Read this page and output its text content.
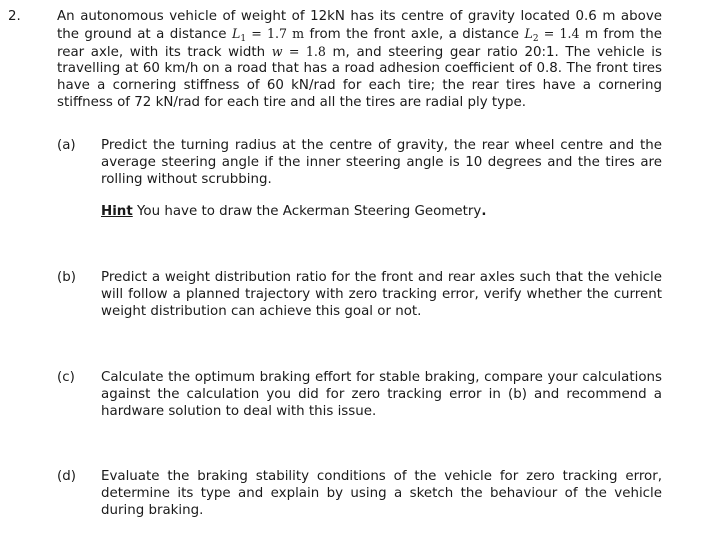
2.	An autonomous vehicle of weight of 12kN has its centre of gravity located 0.6 m above the ground at a distance $L_1 = 1.7$ m from the front axle, a distance $L_2 = 1.4$ m from the rear axle, with its track width w = 1.8 m, and steering gear ratio 20:1. The vehicle is travelling at 60 km/h on a road that has a road adhesion coefficient of 0.8. The front tires have a cornering stiffness of 60 kN/rad for each tire; the rear tires have a cornering stiffness of 72 kN/rad for each tire and all the tires are radial ply type.
(a) Predict the turning radius at the centre of gravity, the rear wheel centre and the average steering angle if the inner steering angle is 10 degrees and the tires are rolling without scrubbing.
Hint You have to draw the Ackerman Steering Geometry.
(b) Predict a weight distribution ratio for the front and rear axles such that the vehicle will follow a planned trajectory with zero tracking error, verify whether the current weight distribution can achieve this goal or not.
(c) Calculate the optimum braking effort for stable braking, compare your calculations against the calculation you did for zero tracking error in (b) and recommend a hardware solution to deal with this issue.
(d) Evaluate the braking stability conditions of the vehicle for zero tracking error, determine its type and explain by using a sketch the behaviour of the vehicle during braking.
